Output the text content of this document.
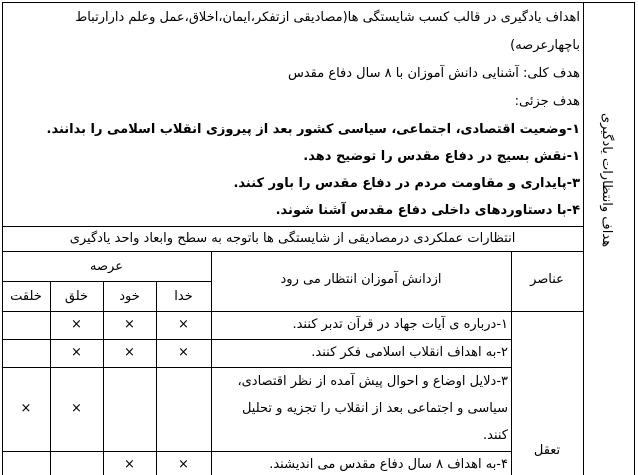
هداف وانتظارات یادگیری
اهداف یادگیری در قالب کسب شایستگی ها(مصادیقی ازتفکر،ایمان،اخلاق،عمل وعلم دارارتباط
باچهارعرصه)
هدف کلی: آشنایی دانش آموزان با ۸ سال دفاع مقدس
هدف جزئی:
۱-وضعیت اقتصادی، اجتماعی، سیاسی کشور بعد از پیروزی انقلاب اسلامی را بدانند.
۱-نقش بسیج در دفاع مقدس را توضیح دهد.
۳-پایداری و مقاومت مردم در دفاع مقدس را باور کنند.
۴-با دستاوردهای داخلی دفاع مقدس آشنا شوند.
انتظارات عملکردی درمصادیقی از شایستگی ها باتوجه به سطح وابعاد واحد یادگیری
عناصر
ازدانش آموزان انتظار می رود
عرصه
خدا
خود
خلق
خلقت
۱-درباره ی آیات جهاد در قرآن تدبر کنند.
×
×
×
۲-به اهداف انقلاب اسلامی فکر کنند.
×
×
×
۳-دلایل اوضاع و احوال پیش آمده از نظر اقتصادی،
سیاسی و اجتماعی بعد از انقلاب را تجزیه و تحلیل
کنند.
×
×
۴-به اهداف ۸ سال دفاع مقدس می اندیشند.
×
×
تعقل
